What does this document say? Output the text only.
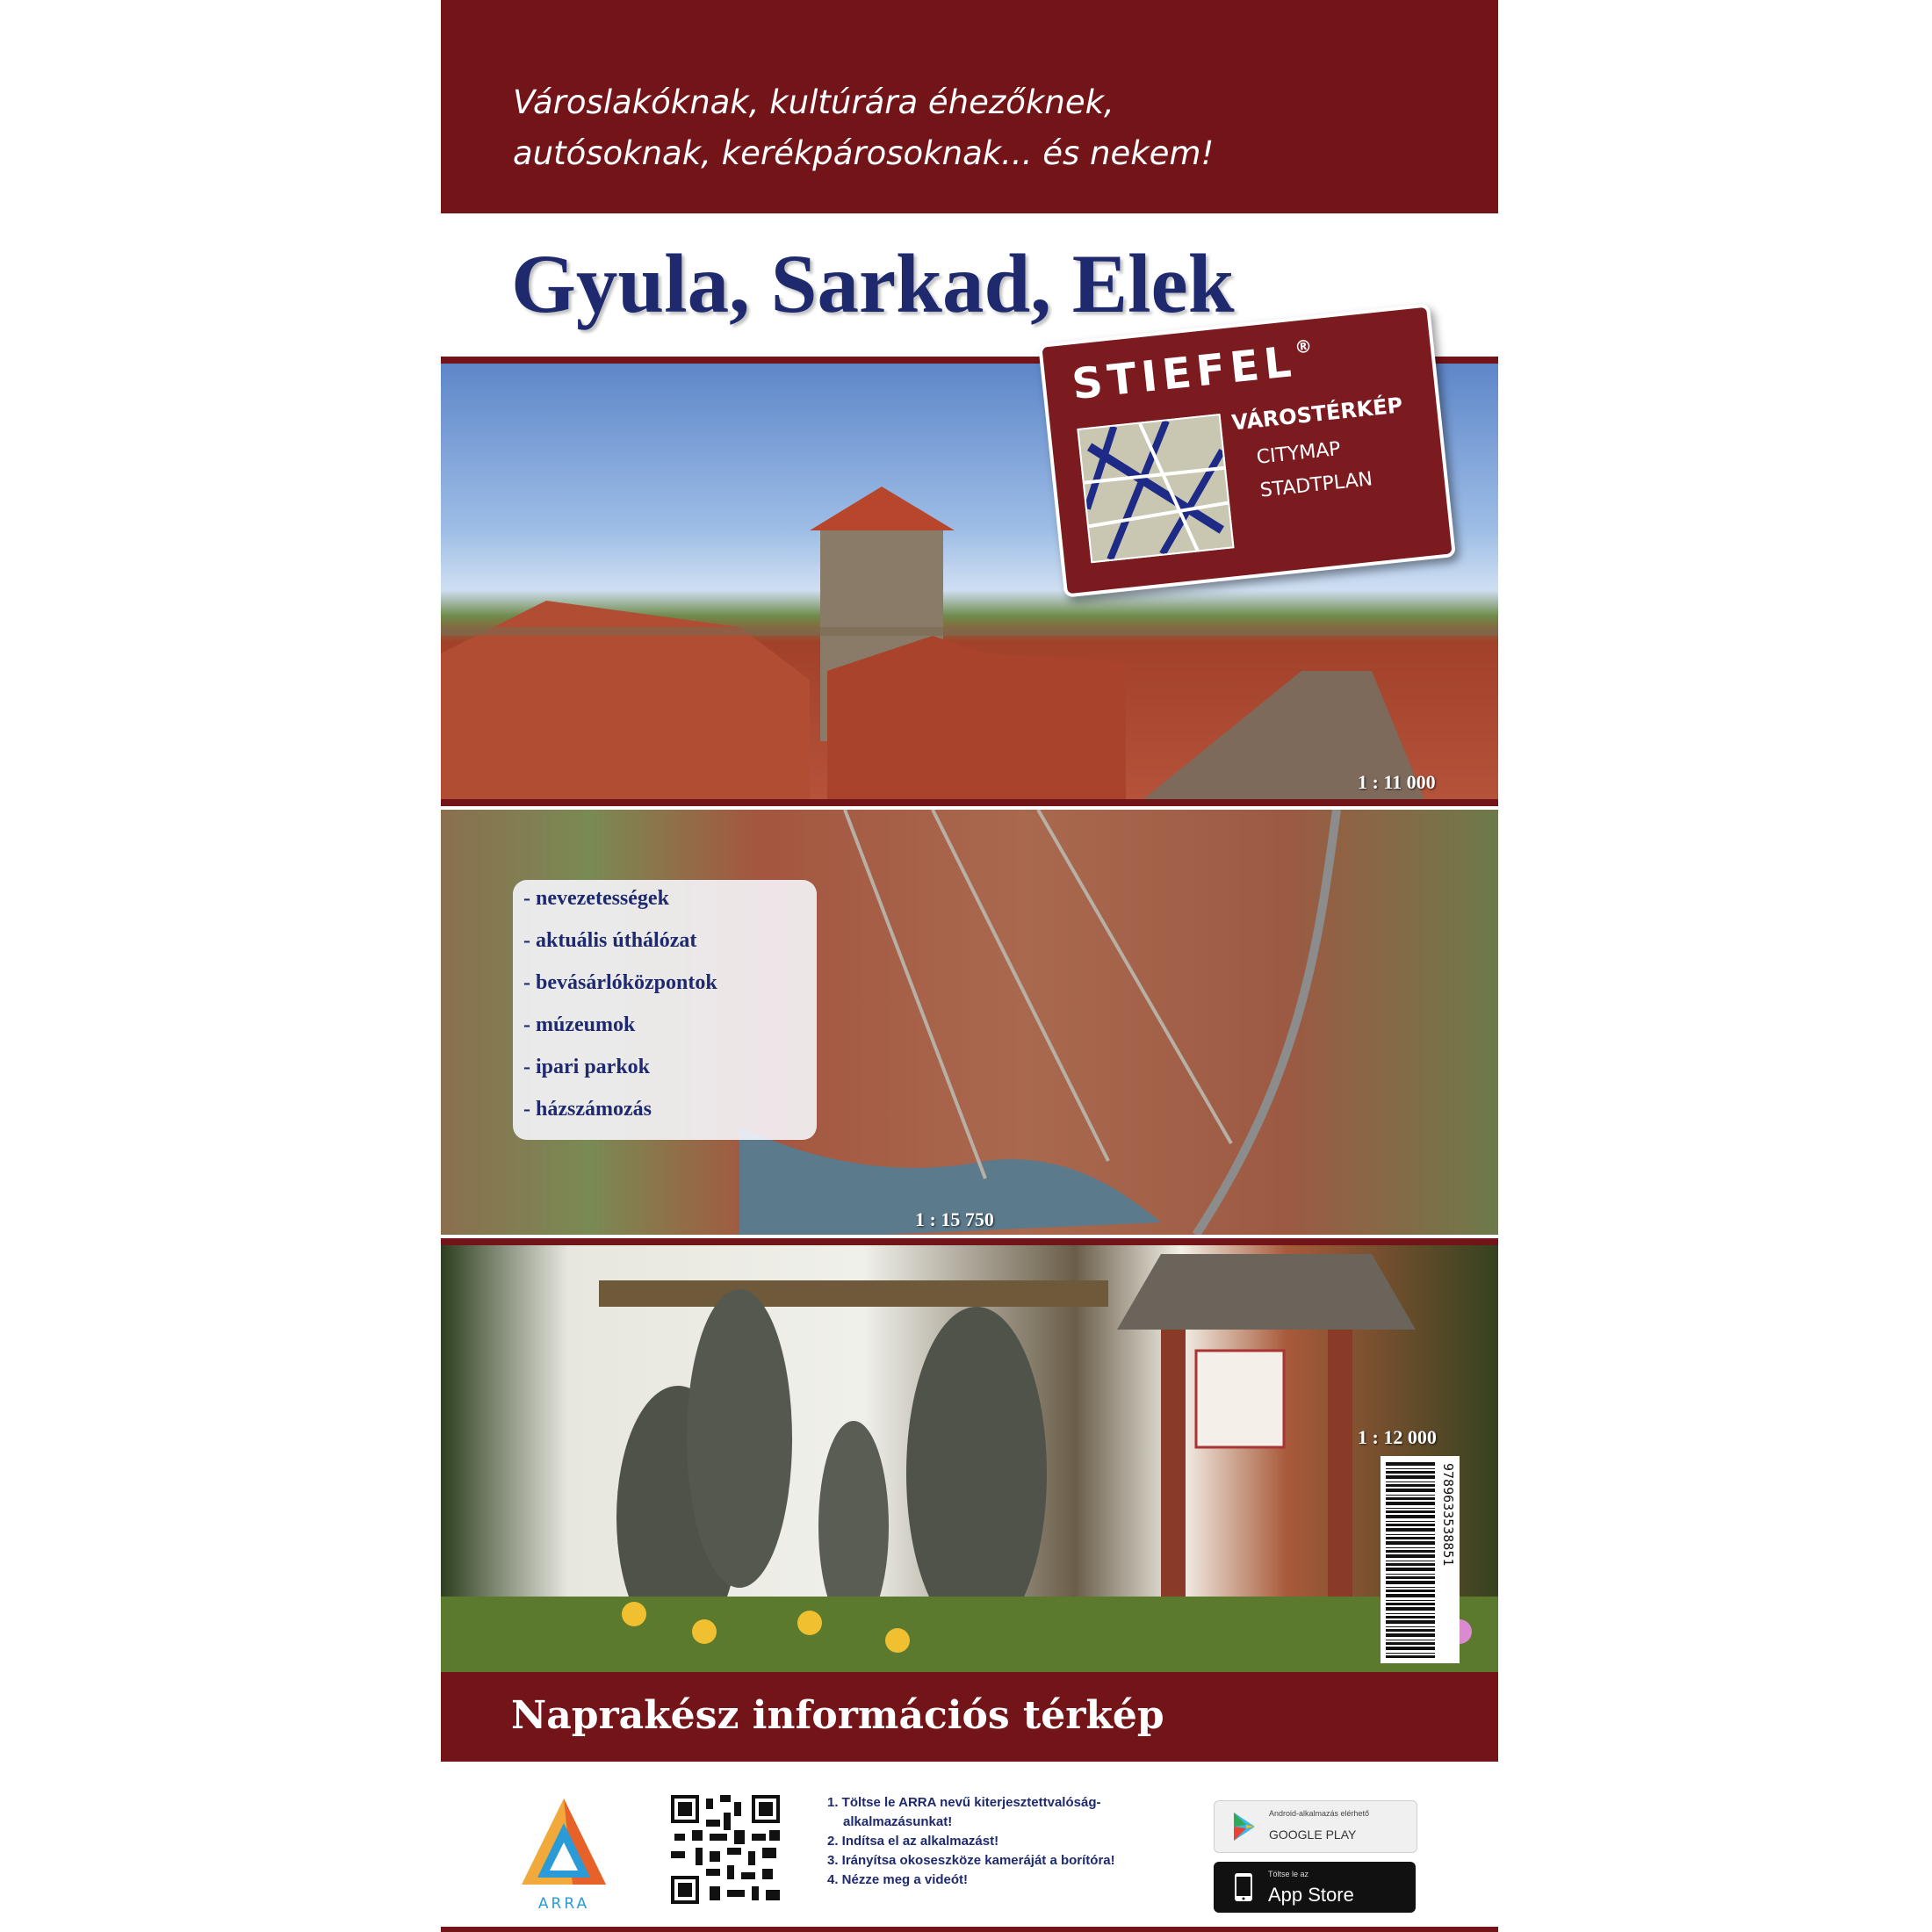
Városlakóknak, kultúrára éhezőknek,
autósoknak, kerékpárosoknak... és nekem!
Gyula, Sarkad, Elek
1 : 11 000
1 : 15 750
- nevezetességek
- aktuális úthálózat
- bevásárlóközpontok
- múzeumok
- ipari parkok
- házszámozás
1 : 12 000
9789633538851
STIEFEL®
VÁROSTÉRKÉP
CITYMAP
STADTPLAN
Naprakész információs térkép
ARRA
1. Töltse le ARRA nevű kiterjesztettvalóság-
alkalmazásunkat!
2. Indítsa el az alkalmazást!
3. Irányítsa okoseszköze kameráját a borítóra!
4. Nézze meg a videót!
Android-alkalmazás elérhető
GOOGLE PLAY
Töltse le az
App Store
